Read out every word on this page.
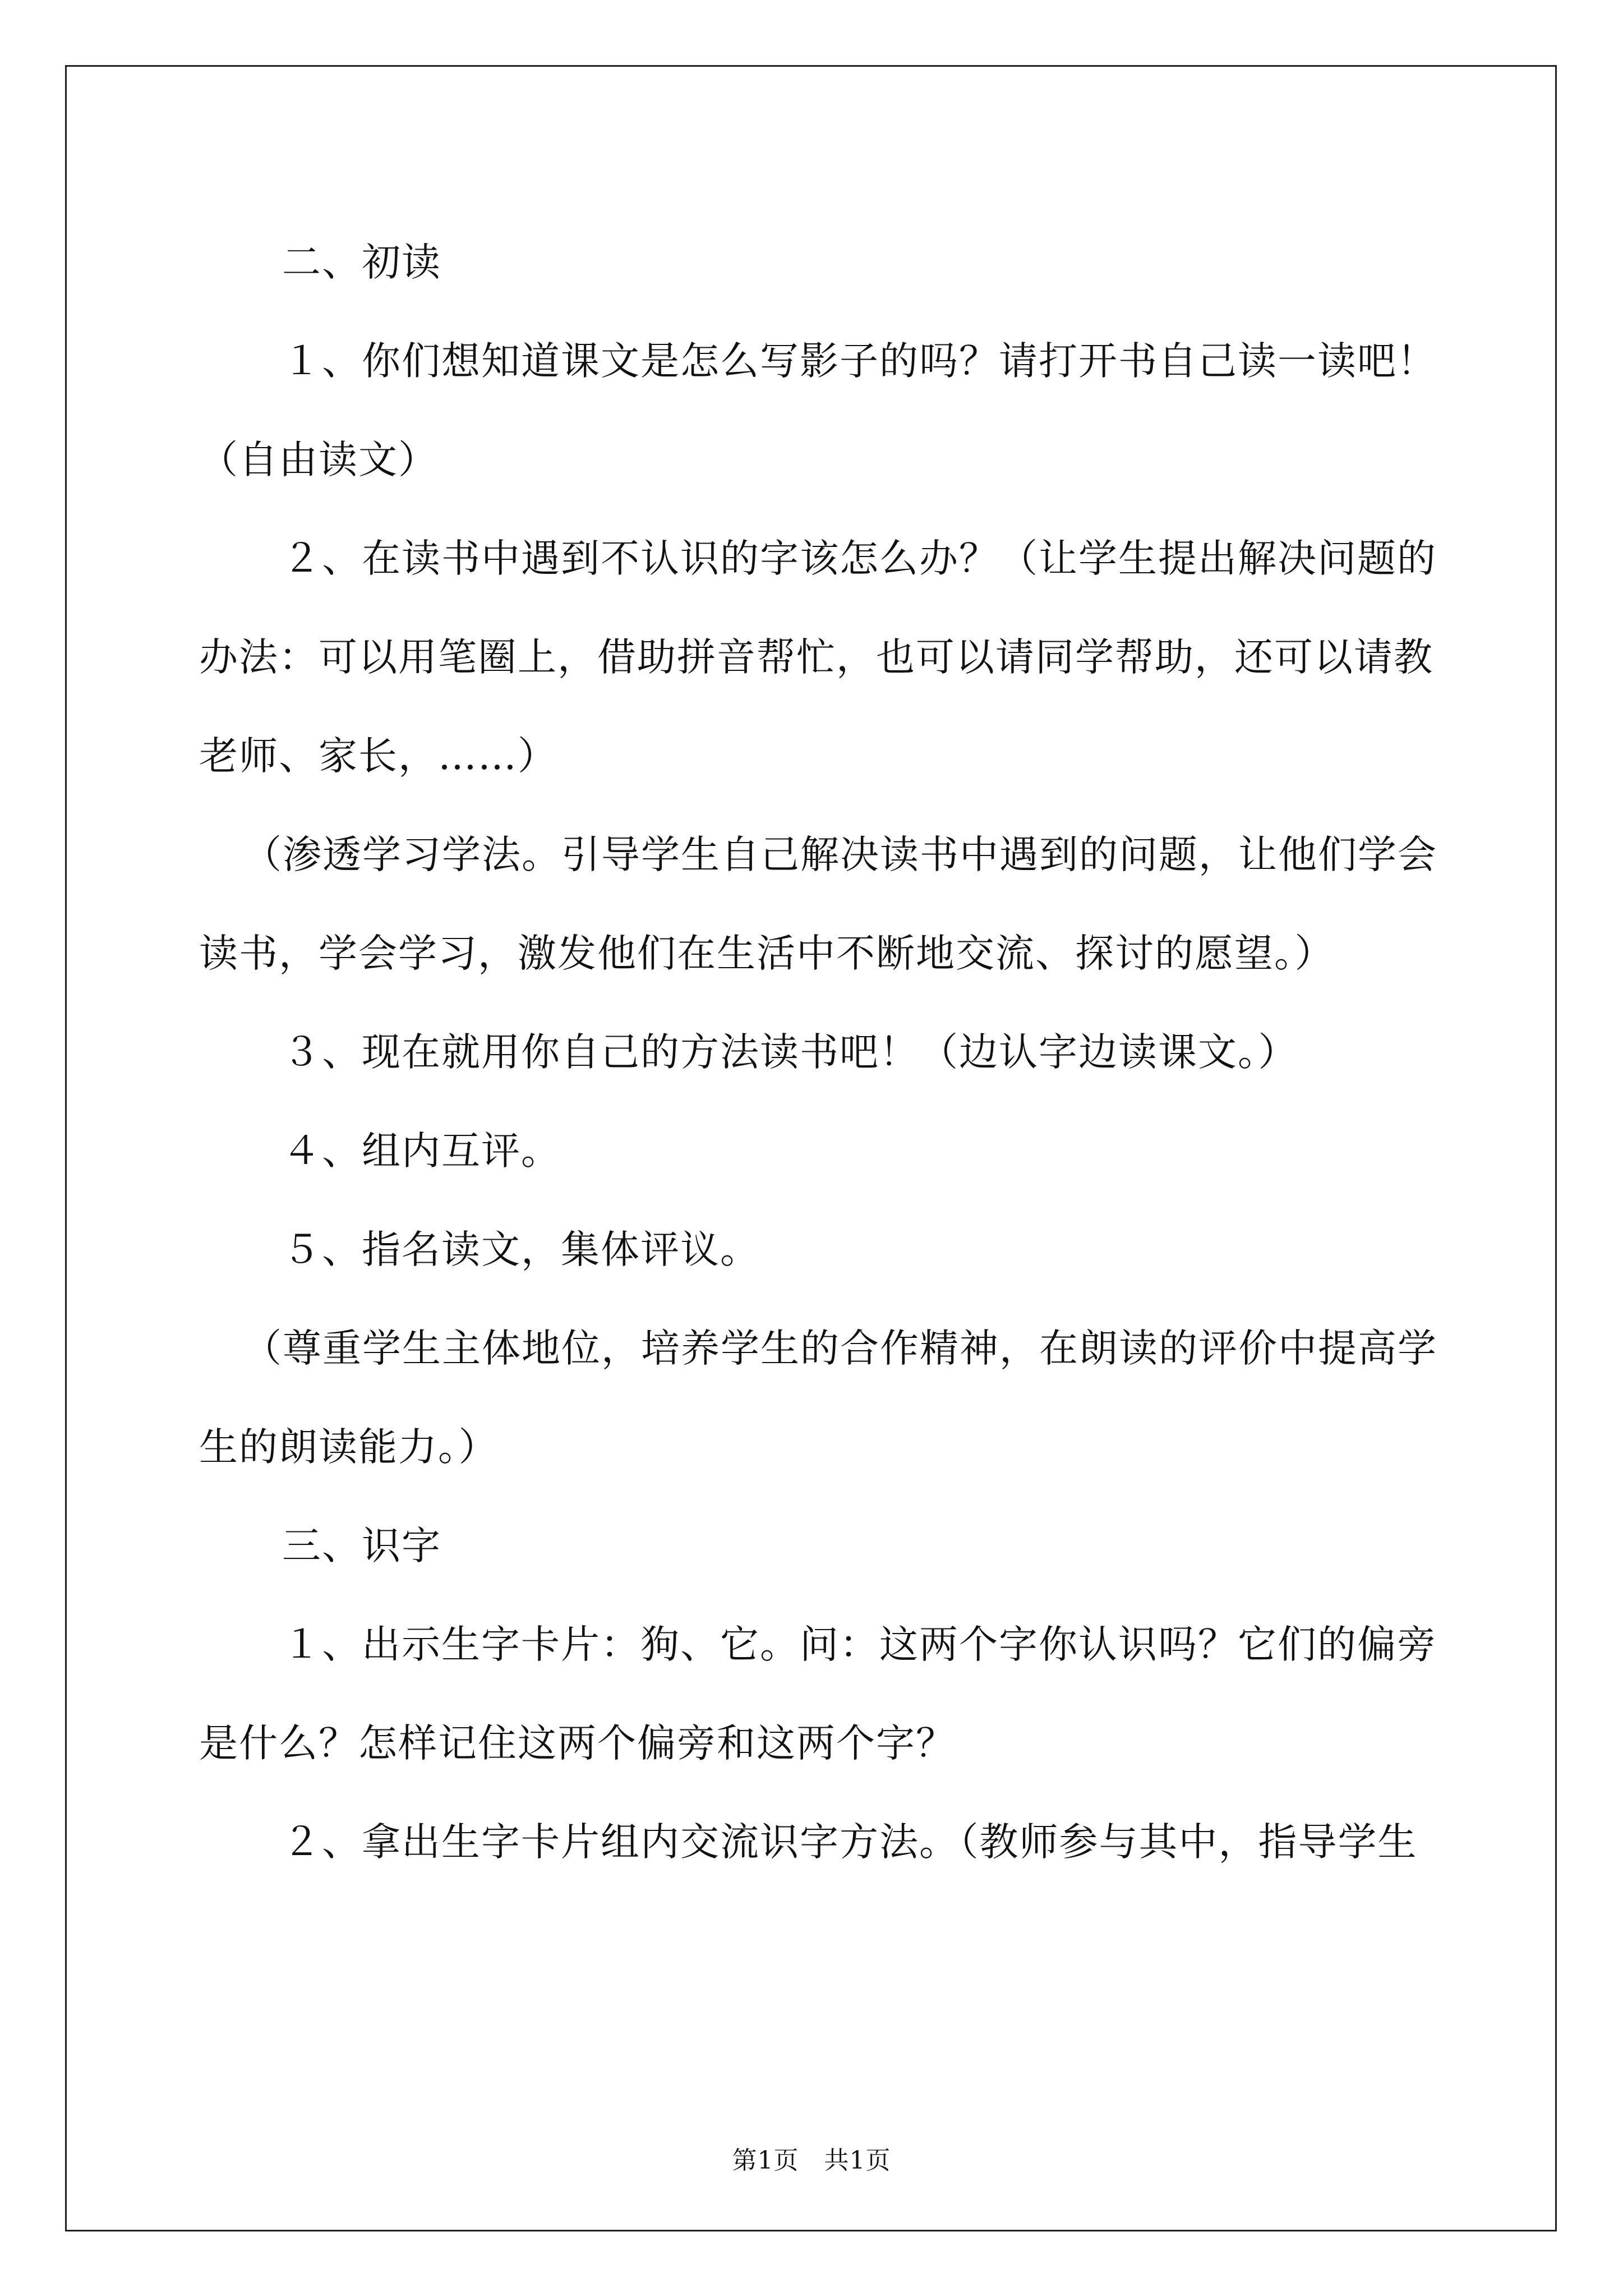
二、初读

１、你们想知道课文是怎么写影子的吗？请打开书自己读一读吧！（自由读文）

２、在读书中遇到不认识的字该怎么办？（让学生提出解决问题的办法：可以用笔圈上，借助拼音帮忙，也可以请同学帮助，还可以请教老师、家长，……）

（渗透学习学法。引导学生自己解决读书中遇到的问题，让他们学会读书，学会学习，激发他们在生活中不断地交流、探讨的愿望。）

３、现在就用你自己的方法读书吧！（边认字边读课文。）

４、组内互评。

５、指名读文，集体评议。

（尊重学生主体地位，培养学生的合作精神，在朗读的评价中提高学生的朗读能力。）

三、识字

１、出示生字卡片：狗、它。问：这两个字你认识吗？它们的偏旁是什么？怎样记住这两个偏旁和这两个字？

２、拿出生字卡片组内交流识字方法。（教师参与其中，指导学生

第1页　共1页
